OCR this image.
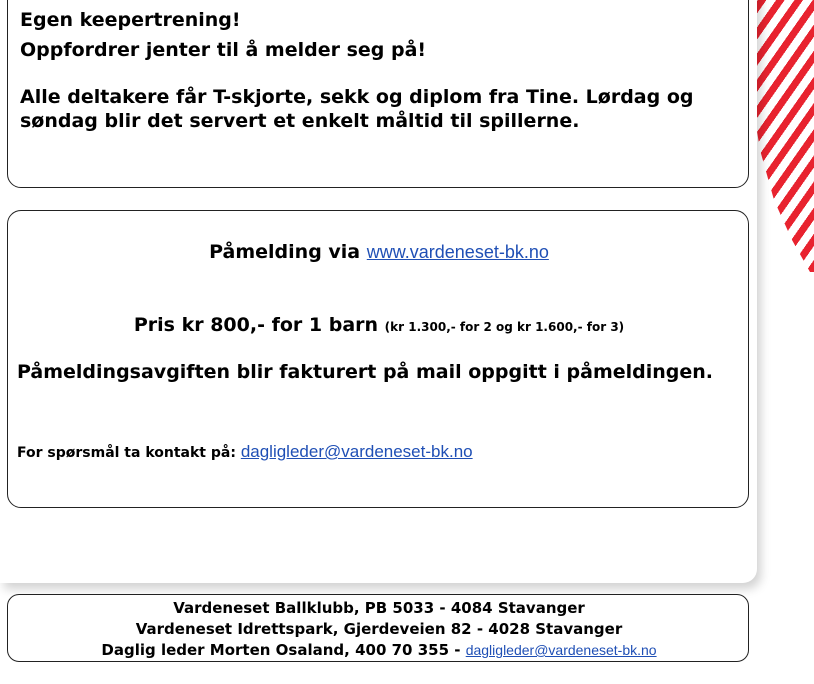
Egen keepertrening!
Oppfordrer jenter til å melder seg på!
Alle deltakere får T-skjorte, sekk og diplom fra Tine. Lørdag og søndag blir det servert et enkelt måltid til spillerne.
Påmelding via www.vardeneset-bk.no
Pris kr 800,- for 1 barn (kr 1.300,- for 2 og kr 1.600,- for 3)
Påmeldingsavgiften blir fakturert på mail oppgitt i påmeldingen.
For spørsmål ta kontakt på: dagligleder@vardeneset-bk.no
Vardeneset Ballklubb, PB 5033 - 4084 Stavanger
Vardeneset Idrettspark, Gjerdeveien 82 - 4028 Stavanger
Daglig leder Morten Osaland, 400 70 355 - dagligleder@vardeneset-bk.no
